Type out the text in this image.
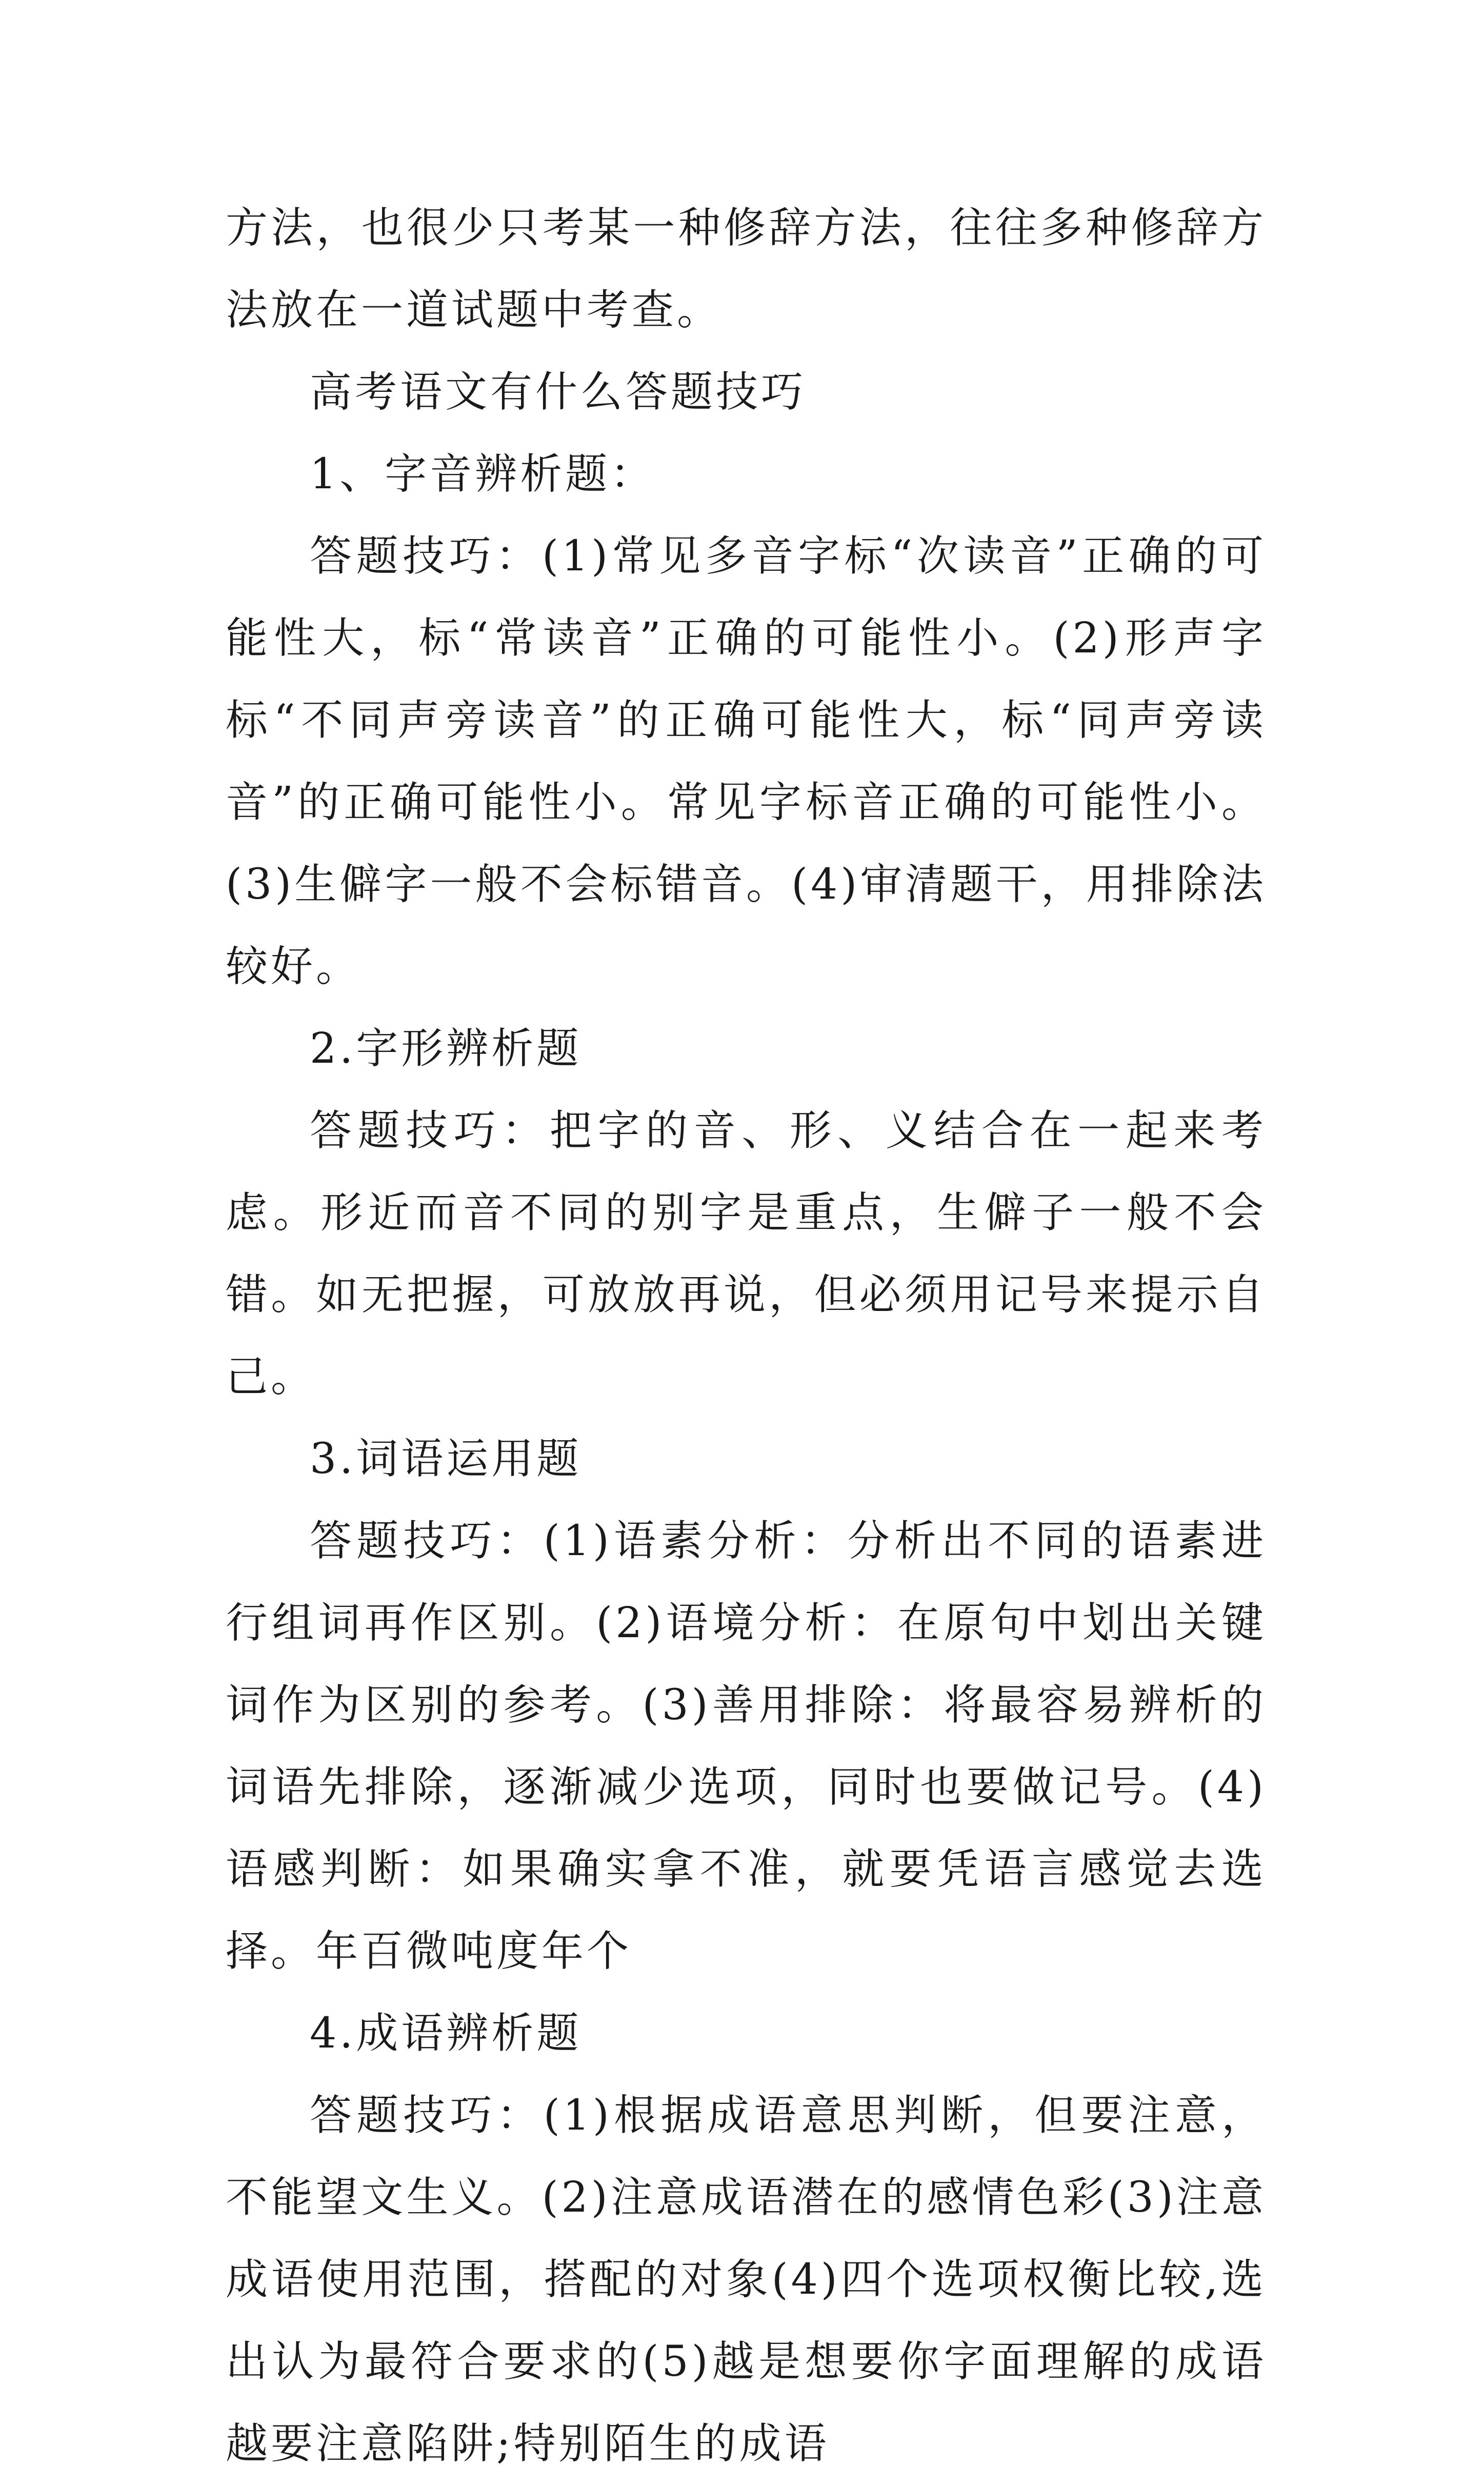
方法，也很少只考某一种修辞方法，往往多种修辞方法放在一道试题中考查。

高考语文有什么答题技巧

1、字音辨析题：

答题技巧：(1)常见多音字标“次读音”正确的可能性大，标“常读音”正确的可能性小。(2)形声字标“不同声旁读音”的正确可能性大，标“同声旁读音”的正确可能性小。常见字标音正确的可能性小。(3)生僻字一般不会标错音。(4)审清题干，用排除法较好。

2.字形辨析题

答题技巧：把字的音、形、义结合在一起来考虑。形近而音不同的别字是重点，生僻子一般不会错。如无把握，可放放再说，但必须用记号来提示自己。

3.词语运用题

答题技巧：(1)语素分析：分析出不同的语素进行组词再作区别。(2)语境分析：在原句中划出关键词作为区别的参考。(3)善用排除：将最容易辨析的词语先排除，逐渐减少选项，同时也要做记号。(4)语感判断：如果确实拿不准，就要凭语言感觉去选择。年百微吨度年个

4.成语辨析题

答题技巧：(1)根据成语意思判断，但要注意，不能望文生义。(2)注意成语潜在的感情色彩(3)注意成语使用范围，搭配的对象(4)四个选项权衡比较,选出认为最符合要求的(5)越是想要你字面理解的成语越要注意陷阱;特别陌生的成语
